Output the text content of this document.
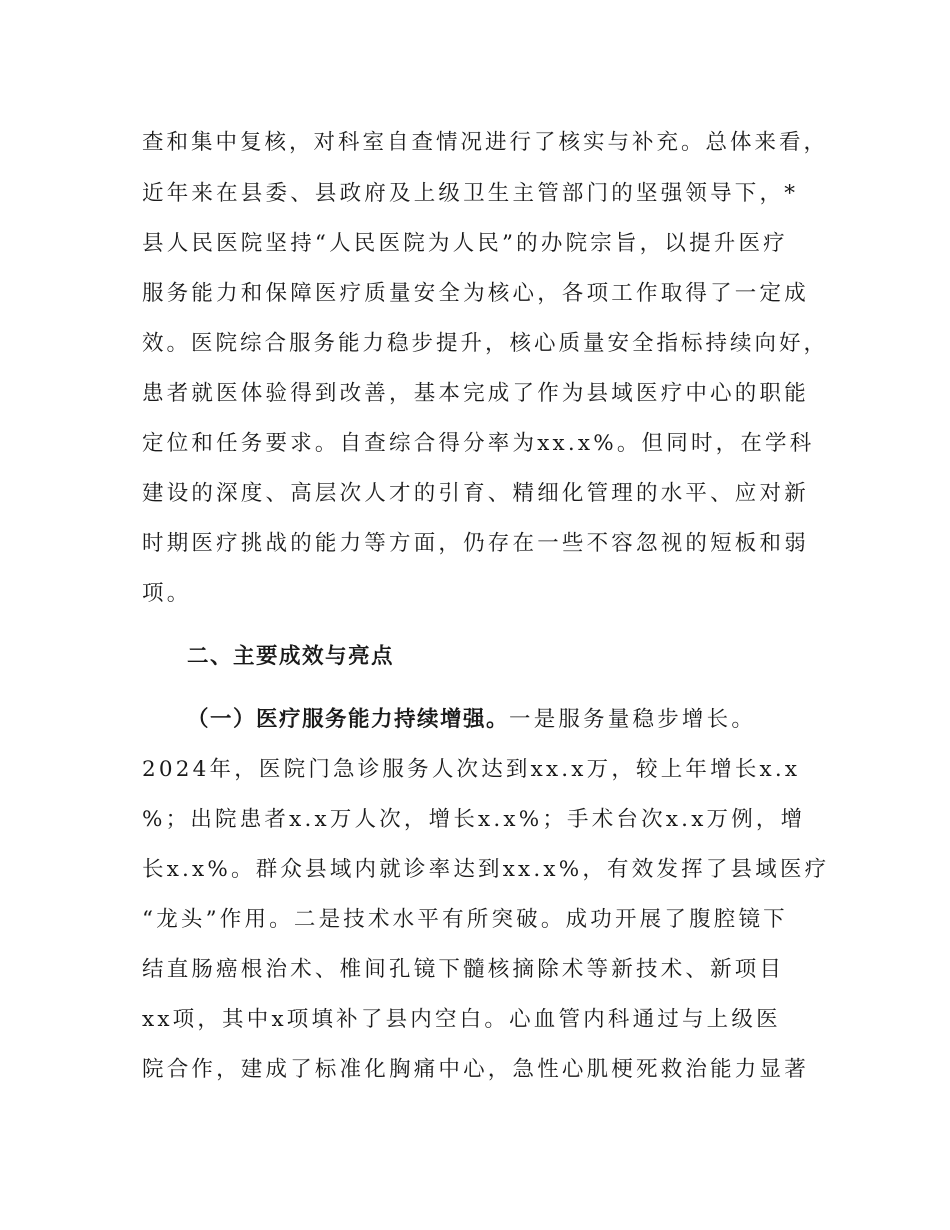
查和集中复核，对科室自查情况进行了核实与补充。总体来看，
近年来在县委、县政府及上级卫生主管部门的坚强领导下，*
县人民医院坚持“人民医院为人民”的办院宗旨，以提升医疗
服务能力和保障医疗质量安全为核心，各项工作取得了一定成
效。医院综合服务能力稳步提升，核心质量安全指标持续向好，
患者就医体验得到改善，基本完成了作为县域医疗中心的职能
定位和任务要求。自查综合得分率为xx.x%。但同时，在学科
建设的深度、高层次人才的引育、精细化管理的水平、应对新
时期医疗挑战的能力等方面，仍存在一些不容忽视的短板和弱
项。
二、主要成效与亮点
（一）医疗服务能力持续增强。一是服务量稳步增长。
2024年，医院门急诊服务人次达到xx.x万，较上年增长x.x
%；出院患者x.x万人次，增长x.x%；手术台次x.x万例，增
长x.x%。群众县域内就诊率达到xx.x%，有效发挥了县域医疗
“龙头”作用。二是技术水平有所突破。成功开展了腹腔镜下
结直肠癌根治术、椎间孔镜下髓核摘除术等新技术、新项目
xx项，其中x项填补了县内空白。心血管内科通过与上级医
院合作，建成了标准化胸痛中心，急性心肌梗死救治能力显著
